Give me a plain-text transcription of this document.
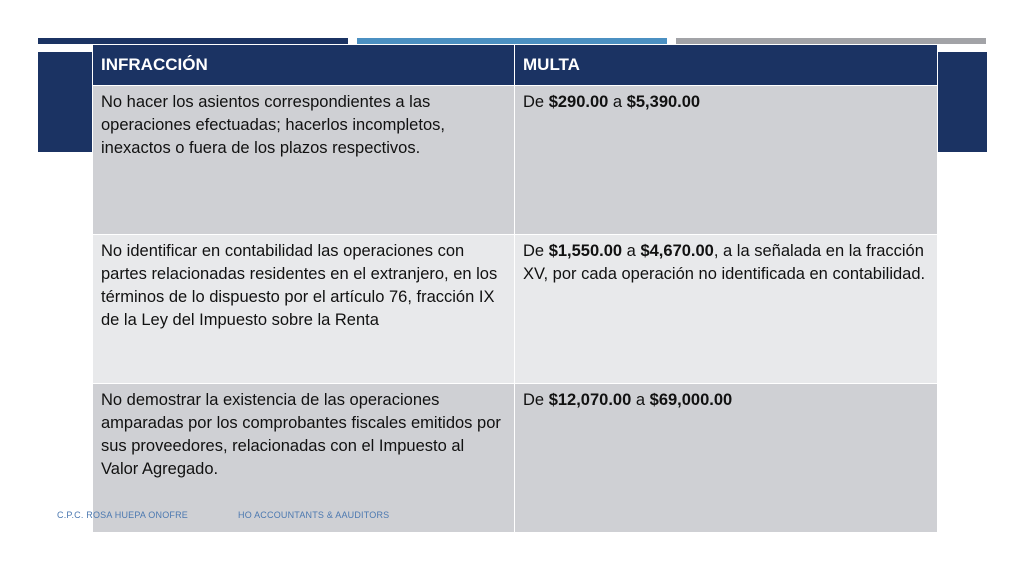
INFRACCIÓN	MULTA
No hacer los asientos correspondientes a las operaciones efectuadas; hacerlos incompletos, inexactos o fuera de los plazos respectivos.	De $290.00 a $5,390.00
No identificar en contabilidad las operaciones con partes relacionadas residentes en el extranjero, en los términos de lo dispuesto por el artículo 76, fracción IX de la Ley del Impuesto sobre la Renta	De $1,550.00 a $4,670.00, a la señalada en la fracción XV, por cada operación no identificada en contabilidad.
No demostrar la existencia de las operaciones amparadas por los comprobantes fiscales emitidos por sus proveedores, relacionadas con el Impuesto al Valor Agregado.	De $12,070.00 a $69,000.00
C.P.C. ROSA HUEPA ONOFRE	HO ACCOUNTANTS & AAUDITORS
